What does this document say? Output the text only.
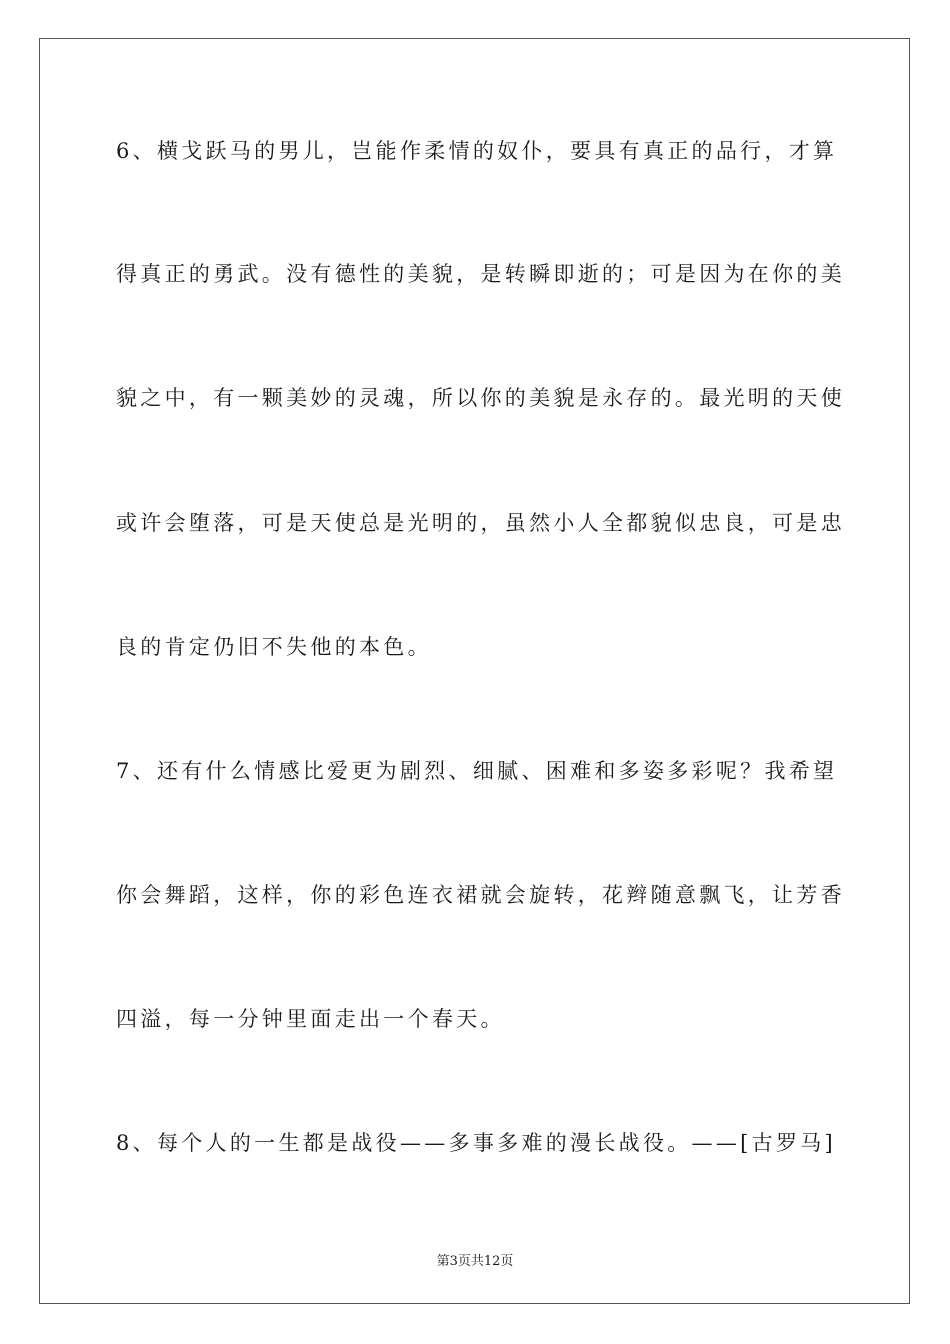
6、横戈跃马的男儿，岂能作柔情的奴仆，要具有真正的品行，才算
得真正的勇武。没有德性的美貌，是转瞬即逝的；可是因为在你的美
貌之中，有一颗美妙的灵魂，所以你的美貌是永存的。最光明的天使
或许会堕落，可是天使总是光明的，虽然小人全都貌似忠良，可是忠
良的肯定仍旧不失他的本色。
7、还有什么情感比爱更为剧烈、细腻、困难和多姿多彩呢？我希望
你会舞蹈，这样，你的彩色连衣裙就会旋转，花辫随意飘飞，让芳香
四溢，每一分钟里面走出一个春天。
8、每个人的一生都是战役——多事多难的漫长战役。——[古罗马]
第3页共12页
